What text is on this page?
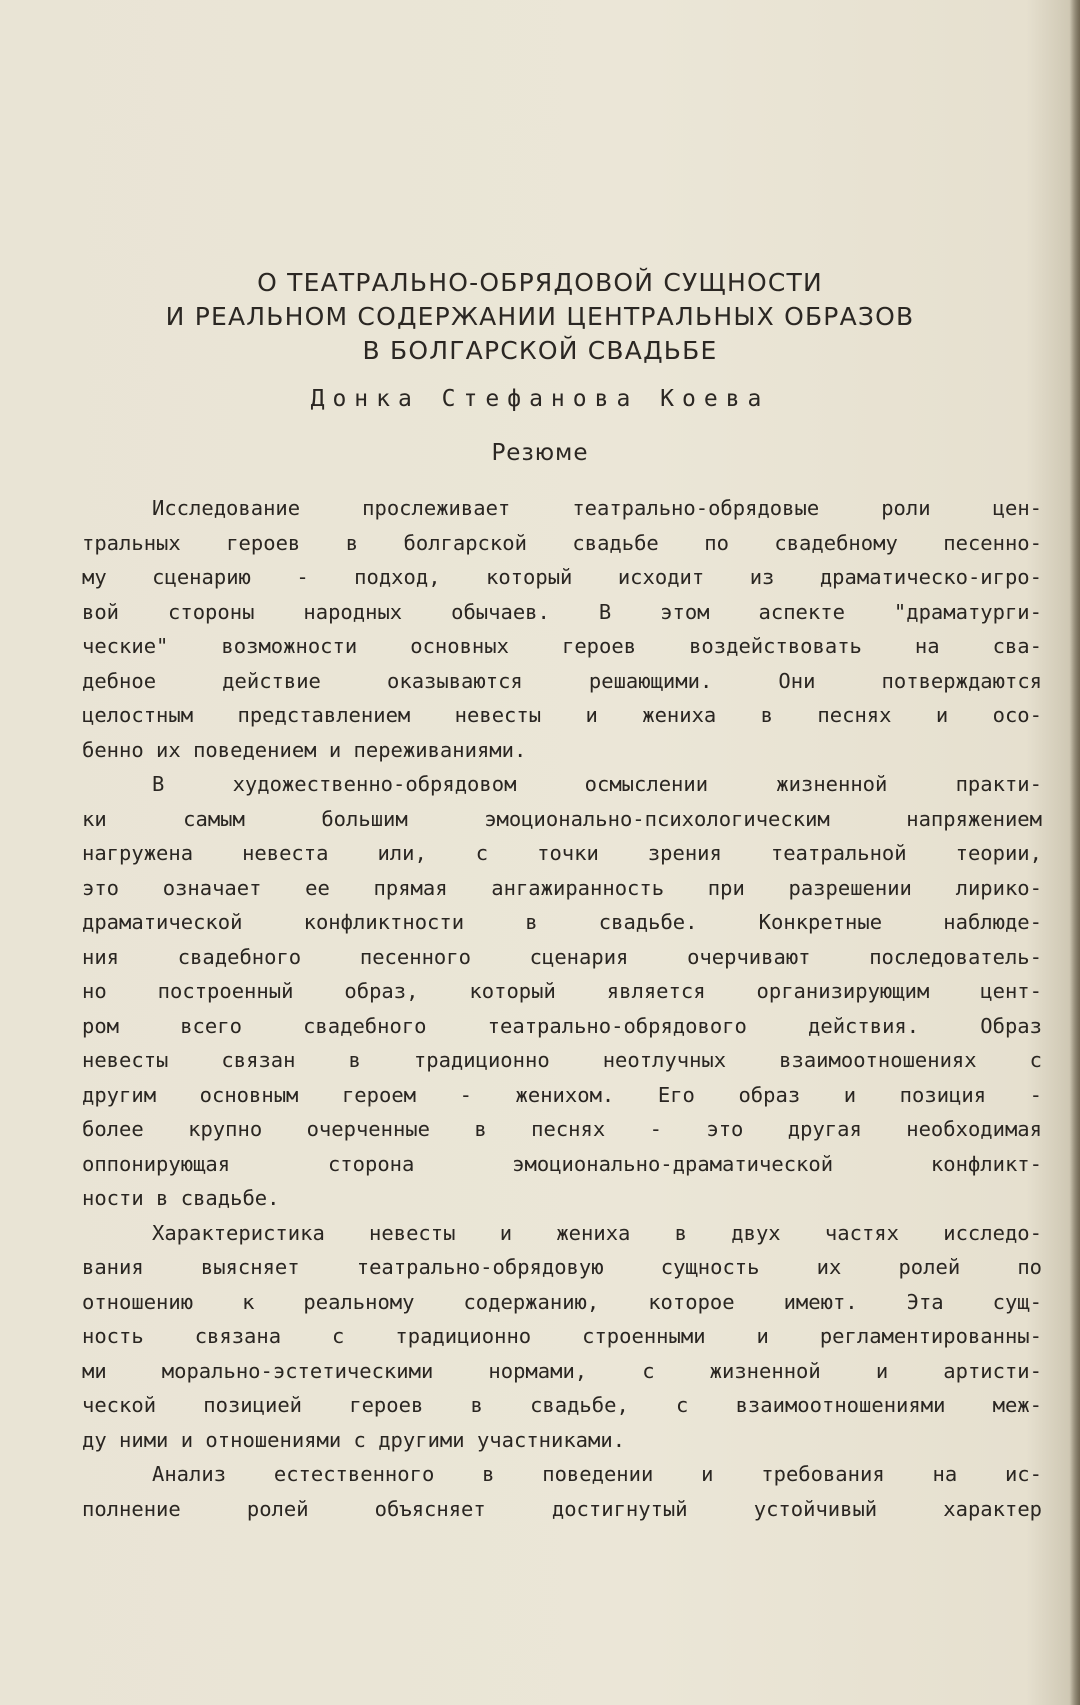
О ТЕАТРАЛЬНО-ОБРЯДОВОЙ СУЩНОСТИ
И РЕАЛЬНОМ СОДЕРЖАНИИ ЦЕНТРАЛЬНЫХ ОБРАЗОВ
В БОЛГАРСКОЙ СВАДЬБЕ
Донка Стефанова Коева
Резюме
Исследование прослеживает театрально-обрядовые роли цен-
тральных героев в болгарской свадьбе по свадебному песенно-
му сценарию - подход, который исходит из драматическо-игро-
вой стороны народных обычаев. В этом аспекте "драматурги-
ческие" возможности основных героев воздействовать на сва-
дебное действие оказываются решающими. Они потверждаются
целостным представлением невесты и жениха в песнях и осо-
бенно их поведением и переживаниями.
В художественно-обрядовом осмыслении жизненной практи-
ки самым большим эмоционально-психологическим напряжением
нагружена невеста или, с точки зрения театральной теории,
это означает ее прямая ангажиранность при разрешении лирико-
драматической конфликтности в свадьбе. Конкретные наблюде-
ния свадебного песенного сценария очерчивают последователь-
но построенный образ, который является организирующим цент-
ром всего свадебного театрально-обрядового действия. Образ
невесты связан в традиционно неотлучных взаимоотношениях с
другим основным героем - женихом. Его образ и позиция -
более крупно очерченные в песнях - это другая необходимая
оппонирующая сторона эмоционально-драматической конфликт-
ности в свадьбе.
Характеристика невесты и жениха в двух частях исследо-
вания выясняет театрально-обрядовую сущность их ролей по
отношению к реальному содержанию, которое имеют. Эта сущ-
ность связана с традиционно строенными и регламентированны-
ми морально-эстетическими нормами, с жизненной и артисти-
ческой позицией героев в свадьбе, с взаимоотношениями меж-
ду ними и отношениями с другими участниками.
Анализ естественного в поведении и требования на ис-
полнение ролей объясняет достигнутый устойчивый характер
